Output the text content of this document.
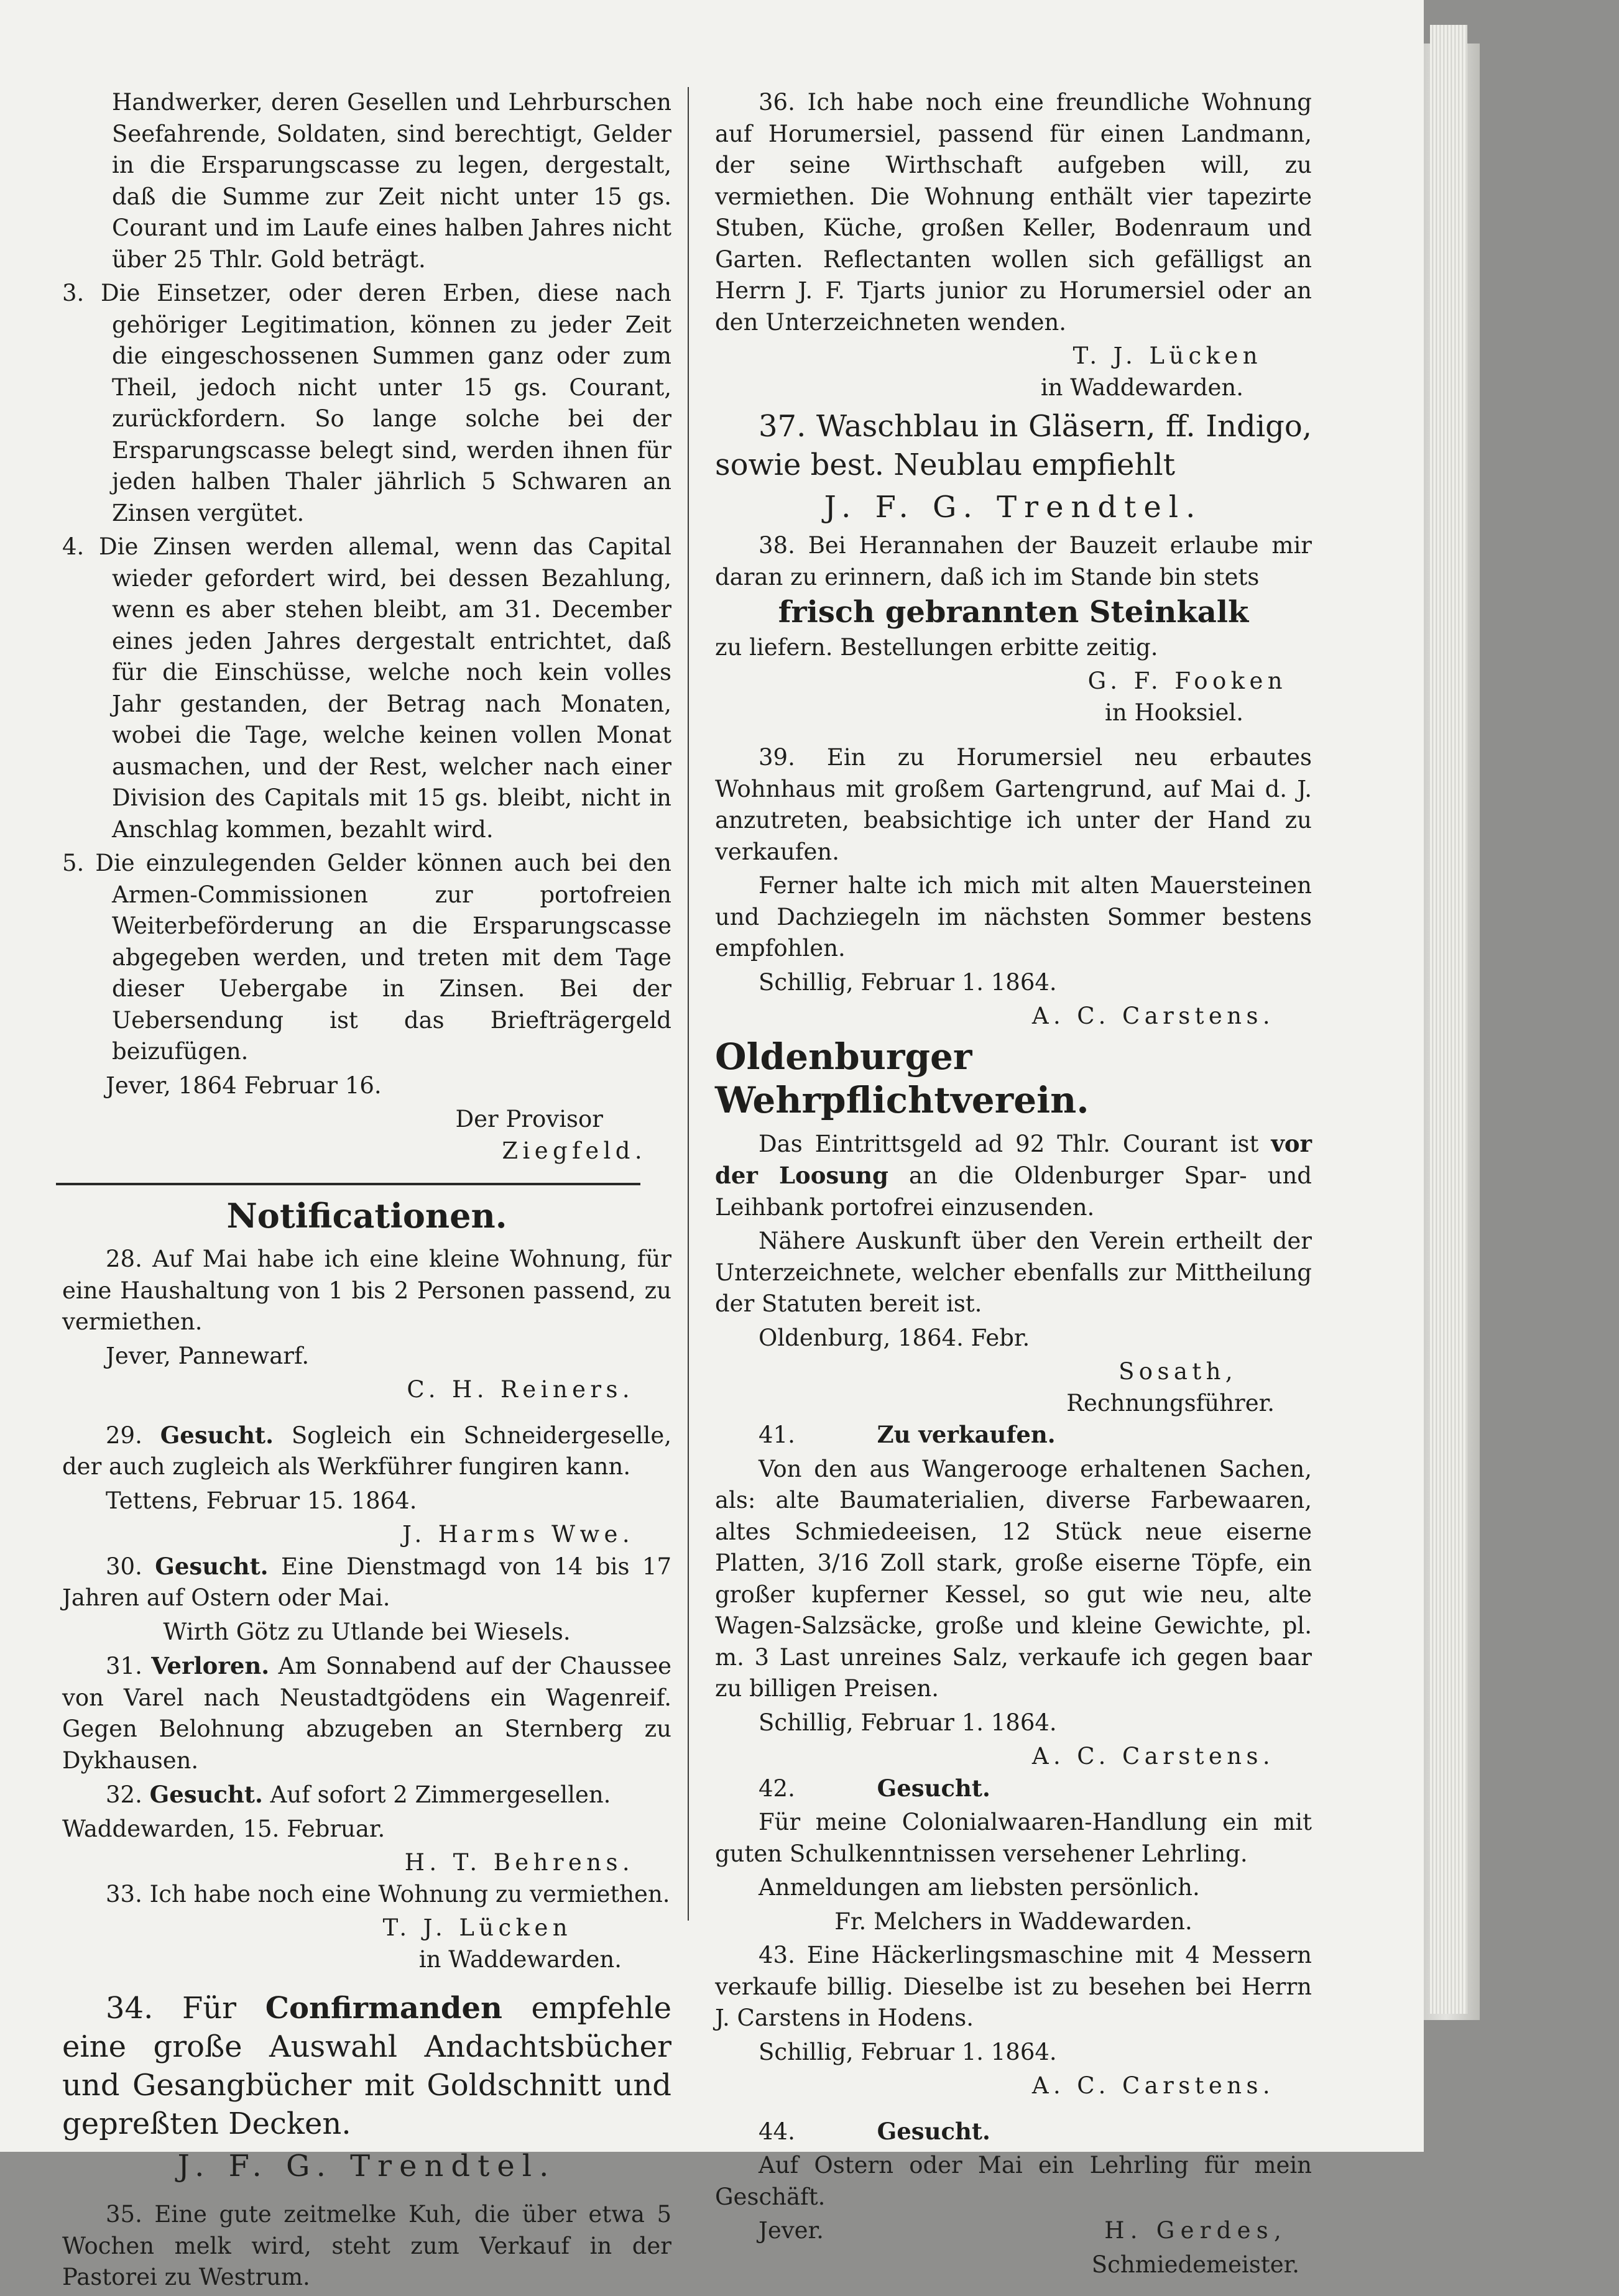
Handwerker, deren Gesellen und Lehrburschen Seefahrende, Soldaten, sind berechtigt, Gelder in die Ersparungscasse zu legen, dergestalt, daß die Summe zur Zeit nicht unter 15 gs. Courant und im Laufe eines halben Jahres nicht über 25 Thlr. Gold beträgt.

3. Die Einsetzer, oder deren Erben, diese nach gehöriger Legitimation, können zu jeder Zeit die eingeschossenen Summen ganz oder zum Theil, jedoch nicht unter 15 gs. Courant, zurückfordern. So lange solche bei der Ersparungscasse belegt sind, werden ihnen für jeden halben Thaler jährlich 5 Schwaren an Zinsen vergütet.

4. Die Zinsen werden allemal, wenn das Capital wieder gefordert wird, bei dessen Bezahlung, wenn es aber stehen bleibt, am 31. December eines jeden Jahres dergestalt entrichtet, daß für die Einschüsse, welche noch kein volles Jahr gestanden, der Betrag nach Monaten, wobei die Tage, welche keinen vollen Monat ausmachen, und der Rest, welcher nach einer Division des Capitals mit 15 gs. bleibt, nicht in Anschlag kommen, bezahlt wird.

5. Die einzulegenden Gelder können auch bei den Armen-Commissionen zur portofreien Weiterbeförderung an die Ersparungscasse abgegeben werden, und treten mit dem Tage dieser Uebergabe in Zinsen. Bei der Uebersendung ist das Briefträgergeld beizufügen.

Jever, 1864 Februar 16.

Der Provisor

Ziegfeld.

Notificationen.

28. Auf Mai habe ich eine kleine Wohnung, für eine Haushaltung von 1 bis 2 Personen passend, zu vermiethen.

Jever, Pannewarf.

C. H. Reiners.

29. Gesucht. Sogleich ein Schneidergeselle, der auch zugleich als Werkführer fungiren kann.

Tettens, Februar 15. 1864.

J. Harms Wwe.

30. Gesucht. Eine Dienstmagd von 14 bis 17 Jahren auf Ostern oder Mai.

Wirth Götz zu Utlande bei Wiesels.

31. Verloren. Am Sonnabend auf der Chaussee von Varel nach Neustadtgödens ein Wagenreif. Gegen Belohnung abzugeben an Sternberg zu Dykhausen.

32. Gesucht. Auf sofort 2 Zimmergesellen.

Waddewarden, 15. Februar.

H. T. Behrens.

33. Ich habe noch eine Wohnung zu vermiethen.

T. J. Lücken

in Waddewarden.

34. Für Confirmanden empfehle eine große Auswahl Andachtsbücher und Gesangbücher mit Goldschnitt und gepreßten Decken.

J. F. G. Trendtel.

35. Eine gute zeitmelke Kuh, die über etwa 5 Wochen melk wird, steht zum Verkauf in der Pastorei zu Westrum.

36. Ich habe noch eine freundliche Wohnung auf Horumersiel, passend für einen Landmann, der seine Wirthschaft aufgeben will, zu vermiethen. Die Wohnung enthält vier tapezirte Stuben, Küche, großen Keller, Bodenraum und Garten. Reflectanten wollen sich gefälligst an Herrn J. F. Tjarts junior zu Horumersiel oder an den Unterzeichneten wenden.

T. J. Lücken

in Waddewarden.

37. Waschblau in Gläsern, ff. Indigo, sowie best. Neublau empfiehlt

J. F. G. Trendtel.

38. Bei Herannahen der Bauzeit erlaube mir daran zu erinnern, daß ich im Stande bin stets

frisch gebrannten Steinkalk

zu liefern. Bestellungen erbitte zeitig.

G. F. Fooken

in Hooksiel.

39. Ein zu Horumersiel neu erbautes Wohnhaus mit großem Gartengrund, auf Mai d. J. anzutreten, beabsichtige ich unter der Hand zu verkaufen.

Ferner halte ich mich mit alten Mauersteinen und Dachziegeln im nächsten Sommer bestens empfohlen.

Schillig, Februar 1. 1864.

A. C. Carstens.

Oldenburger Wehrpflichtverein.

Das Eintrittsgeld ad 92 Thlr. Courant ist vor der Loosung an die Oldenburger Spar- und Leihbank portofrei einzusenden.

Nähere Auskunft über den Verein ertheilt der Unterzeichnete, welcher ebenfalls zur Mittheilung der Statuten bereit ist.

Oldenburg, 1864. Febr.

Sosath,

Rechnungsführer.

41.	Zu verkaufen.

Von den aus Wangerooge erhaltenen Sachen, als: alte Baumaterialien, diverse Farbewaaren, altes Schmiedeeisen, 12 Stück neue eiserne Platten, 3/16 Zoll stark, große eiserne Töpfe, ein großer kupferner Kessel, so gut wie neu, alte Wagen-Salzsäcke, große und kleine Gewichte, pl. m. 3 Last unreines Salz, verkaufe ich gegen baar zu billigen Preisen.

Schillig, Februar 1. 1864.

A. C. Carstens.

42.	Gesucht.

Für meine Colonialwaaren-Handlung ein mit guten Schulkenntnissen versehener Lehrling.

Anmeldungen am liebsten persönlich.

Fr. Melchers in Waddewarden.

43. Eine Häckerlingsmaschine mit 4 Messern verkaufe billig. Dieselbe ist zu besehen bei Herrn J. Carstens in Hodens.

Schillig, Februar 1. 1864.

A. C. Carstens.

44.	Gesucht.

Auf Ostern oder Mai ein Lehrling für mein Geschäft.

Jever.	H. Gerdes,

Schmiedemeister.
